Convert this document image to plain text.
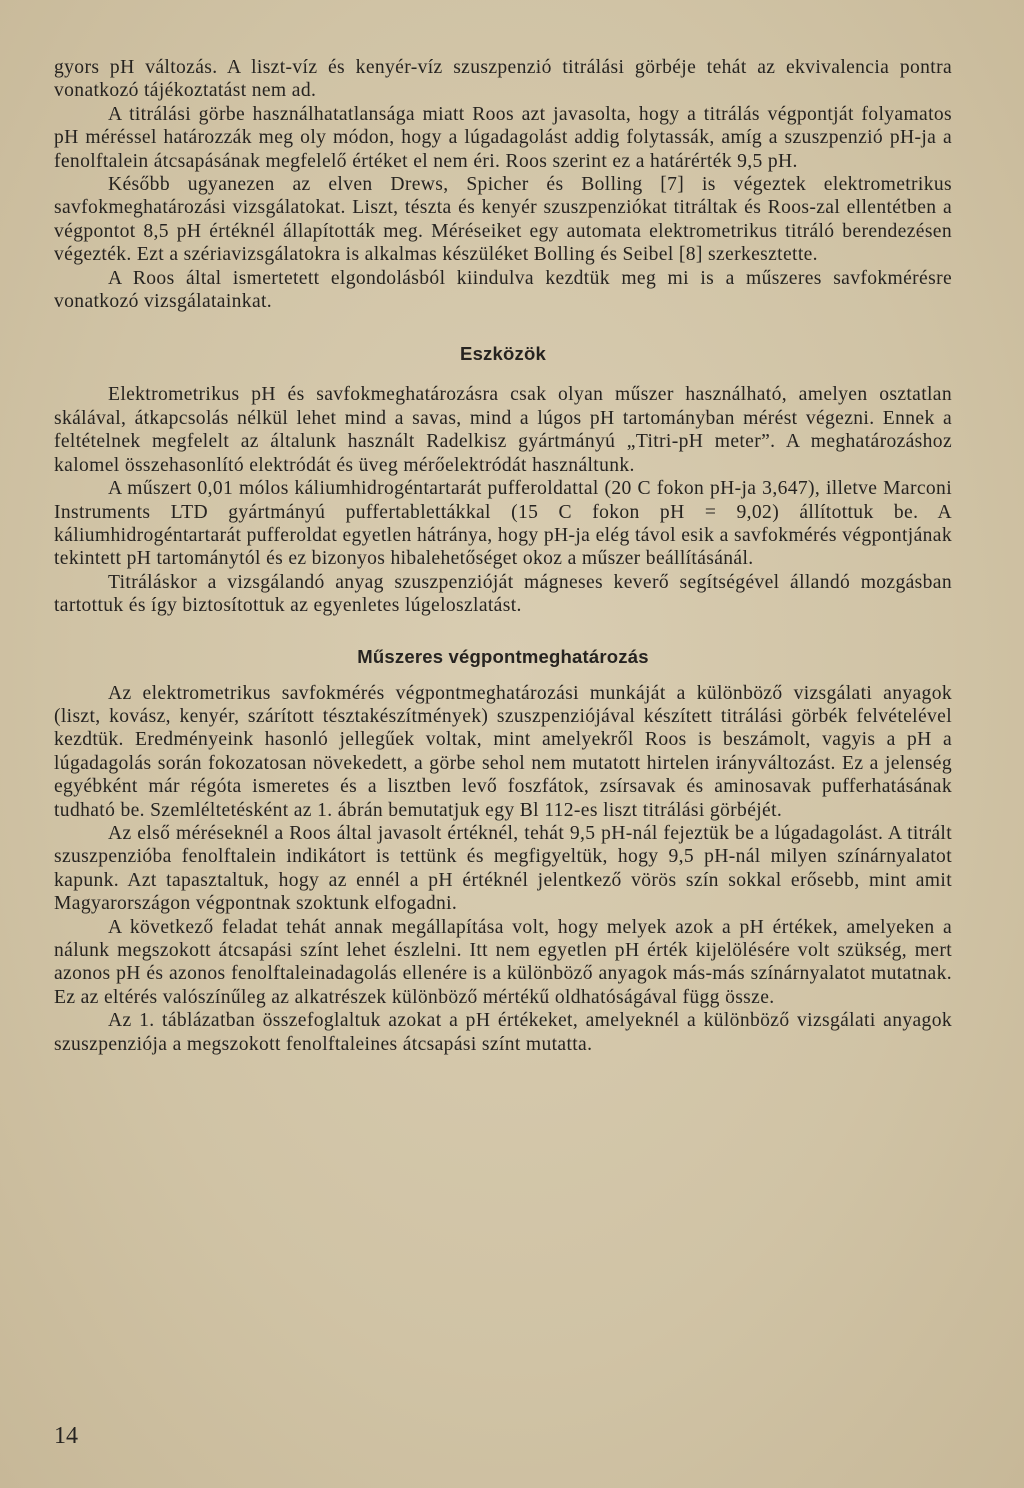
gyors pH változás. A liszt-víz és kenyér-víz szuszpenzió titrálási görbéje tehát az ekvivalencia pontra vonatkozó tájékoztatást nem ad.

A titrálási görbe használhatatlansága miatt Roos azt javasolta, hogy a titrálás végpontját folyamatos pH méréssel határozzák meg oly módon, hogy a lúgadagolást addig folytassák, amíg a szuszpenzió pH-ja a fenolftalein átcsapásának megfelelő értéket el nem éri. Roos szerint ez a határérték 9,5 pH.

Később ugyanezen az elven Drews, Spicher és Bolling [7] is végeztek elektrometrikus savfokmeghatározási vizsgálatokat. Liszt, tészta és kenyér szuszpenziókat titráltak és Roos-zal ellentétben a végpontot 8,5 pH értéknél állapították meg. Méréseiket egy automata elektrometrikus titráló berendezésen végezték. Ezt a szériavizsgálatokra is alkalmas készüléket Bolling és Seibel [8] szerkesztette.

A Roos által ismertetett elgondolásból kiindulva kezdtük meg mi is a műszeres savfokmérésre vonatkozó vizsgálatainkat.

Eszközök

Elektrometrikus pH és savfokmeghatározásra csak olyan műszer használható, amelyen osztatlan skálával, átkapcsolás nélkül lehet mind a savas, mind a lúgos pH tartományban mérést végezni. Ennek a feltételnek megfelelt az általunk használt Radelkisz gyártmányú „Titri-pH meter”. A meghatározáshoz kalomel összehasonlító elektródát és üveg mérőelektródát használtunk.

A műszert 0,01 mólos káliumhidrogéntartarát pufferoldattal (20 C fokon pH-ja 3,647), illetve Marconi Instruments LTD gyártmányú puffertablettákkal (15 C fokon pH = 9,02) állítottuk be. A káliumhidrogéntartarát pufferoldat egyetlen hátránya, hogy pH-ja elég távol esik a savfokmérés végpontjának tekintett pH tartománytól és ez bizonyos hibalehetőséget okoz a műszer beállításánál.

Titráláskor a vizsgálandó anyag szuszpenzióját mágneses keverő segítségével állandó mozgásban tartottuk és így biztosítottuk az egyenletes lúgeloszlatást.

Műszeres végpontmeghatározás

Az elektrometrikus savfokmérés végpontmeghatározási munkáját a különböző vizsgálati anyagok (liszt, kovász, kenyér, szárított tésztakészítmények) szuszpenziójával készített titrálási görbék felvételével kezdtük. Eredményeink hasonló jellegűek voltak, mint amelyekről Roos is beszámolt, vagyis a pH a lúgadagolás során fokozatosan növekedett, a görbe sehol nem mutatott hirtelen irányváltozást. Ez a jelenség egyébként már régóta ismeretes és a lisztben levő foszfátok, zsírsavak és aminosavak pufferhatásának tudható be. Szemléltetésként az 1. ábrán bemutatjuk egy Bl 112-es liszt titrálási görbéjét.

Az első méréseknél a Roos által javasolt értéknél, tehát 9,5 pH-nál fejeztük be a lúgadagolást. A titrált szuszpenzióba fenolftalein indikátort is tettünk és megfigyeltük, hogy 9,5 pH-nál milyen színárnyalatot kapunk. Azt tapasztaltuk, hogy az ennél a pH értéknél jelentkező vörös szín sokkal erősebb, mint amit Magyarországon végpontnak szoktunk elfogadni.

A következő feladat tehát annak megállapítása volt, hogy melyek azok a pH értékek, amelyeken a nálunk megszokott átcsapási színt lehet észlelni. Itt nem egyetlen pH érték kijelölésére volt szükség, mert azonos pH és azonos fenolftaleinadagolás ellenére is a különböző anyagok más-más színárnyalatot mutatnak. Ez az eltérés valószínűleg az alkatrészek különböző mértékű oldhatóságával függ össze.

Az 1. táblázatban összefoglaltuk azokat a pH értékeket, amelyeknél a különböző vizsgálati anyagok szuszpenziója a megszokott fenolftaleines átcsapási színt mutatta.

14
